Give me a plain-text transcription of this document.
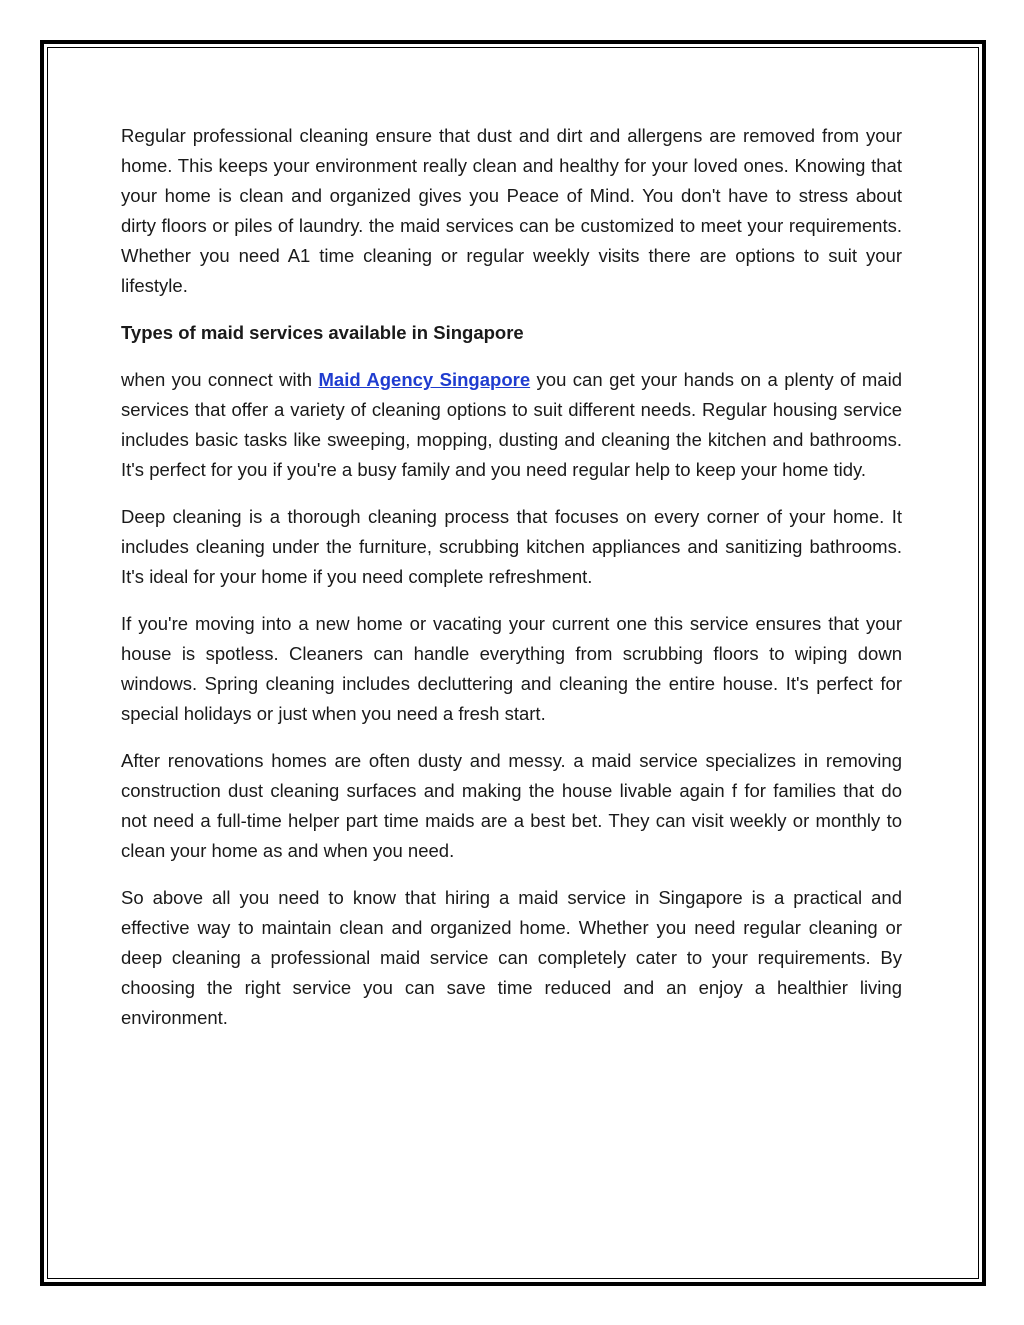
Regular professional cleaning ensure that dust and dirt and allergens are removed from your home. This keeps your environment really clean and healthy for your loved ones. Knowing that your home is clean and organized gives you Peace of Mind. You don't have to stress about dirty floors or piles of laundry. the maid services can be customized to meet your requirements. Whether you need A1 time cleaning or regular weekly visits there are options to suit your lifestyle.

Types of maid services available in Singapore

when you connect with Maid Agency Singapore you can get your hands on a plenty of maid services that offer a variety of cleaning options to suit different needs. Regular housing service includes basic tasks like sweeping, mopping, dusting and cleaning the kitchen and bathrooms. It's perfect for you if you're a busy family and you need regular help to keep your home tidy.

Deep cleaning is a thorough cleaning process that focuses on every corner of your home. It includes cleaning under the furniture, scrubbing kitchen appliances and sanitizing bathrooms. It's ideal for your home if you need complete refreshment.

If you're moving into a new home or vacating your current one this service ensures that your house is spotless. Cleaners can handle everything from scrubbing floors to wiping down windows. Spring cleaning includes decluttering and cleaning the entire house. It's perfect for special holidays or just when you need a fresh start.

After renovations homes are often dusty and messy. a maid service specializes in removing construction dust cleaning surfaces and making the house livable again f for families that do not need a full-time helper part time maids are a best bet. They can visit weekly or monthly to clean your home as and when you need.

So above all you need to know that hiring a maid service in Singapore is a practical and effective way to maintain clean and organized home. Whether you need regular cleaning or deep cleaning a professional maid service can completely cater to your requirements. By choosing the right service you can save time reduced and an enjoy a healthier living environment.
